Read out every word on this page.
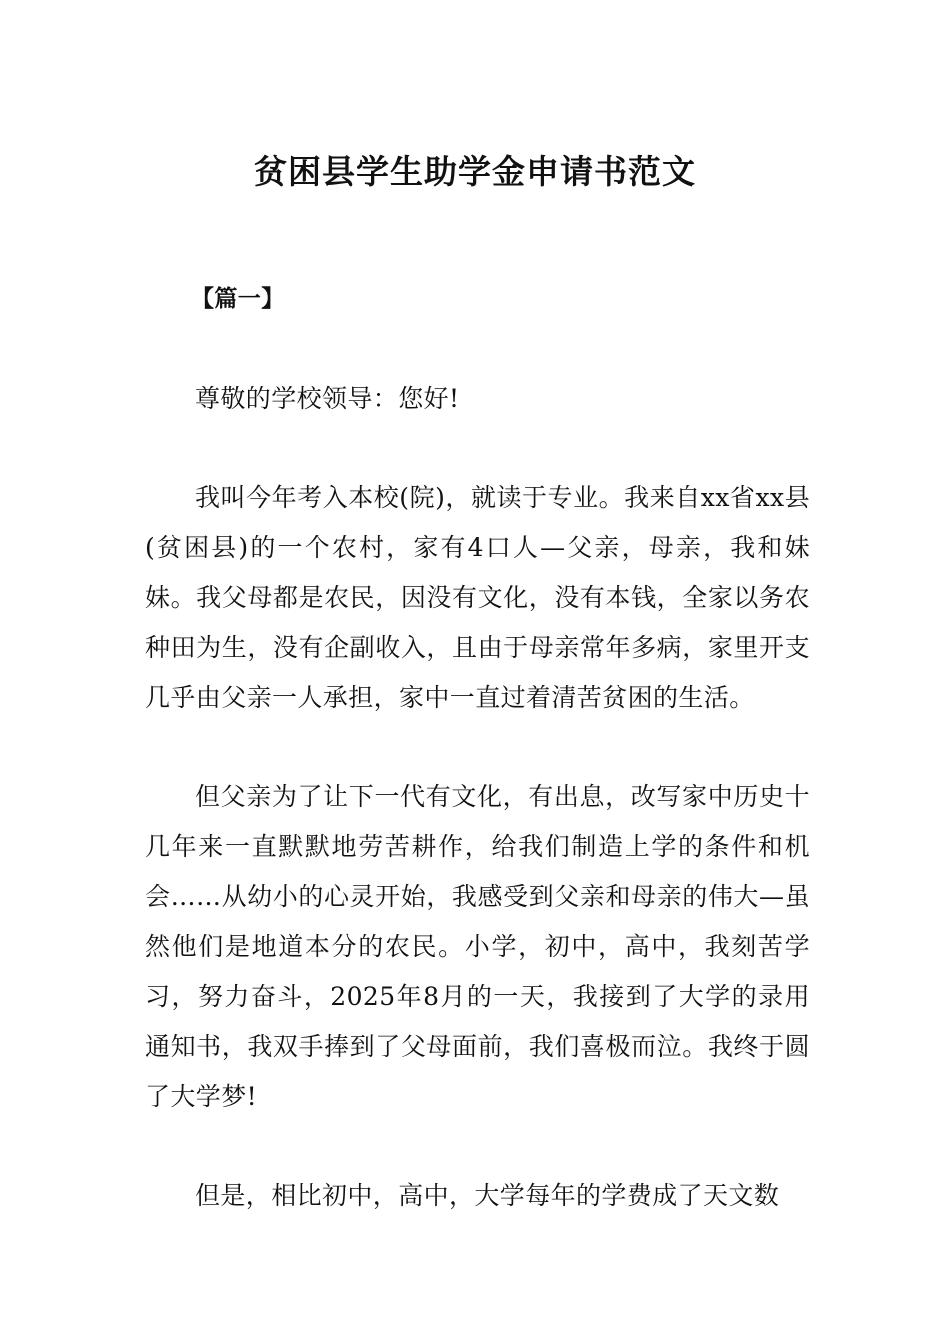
贫困县学生助学金申请书范文

【篇一】

尊敬的学校领导：您好!

我叫今年考入本校(院)，就读于专业。我来自xx省xx县(贫困县)的一个农村，家有4口人—父亲，母亲，我和妹妹。我父母都是农民，因没有文化，没有本钱，全家以务农种田为生，没有企副收入，且由于母亲常年多病，家里开支几乎由父亲一人承担，家中一直过着清苦贫困的生活。

但父亲为了让下一代有文化，有出息，改写家中历史十几年来一直默默地劳苦耕作，给我们制造上学的条件和机会……从幼小的心灵开始，我感受到父亲和母亲的伟大—虽然他们是地道本分的农民。小学，初中，高中，我刻苦学习，努力奋斗，2025年8月的一天，我接到了大学的录用通知书，我双手捧到了父母面前，我们喜极而泣。我终于圆了大学梦!

但是，相比初中，高中，大学每年的学费成了天文数
